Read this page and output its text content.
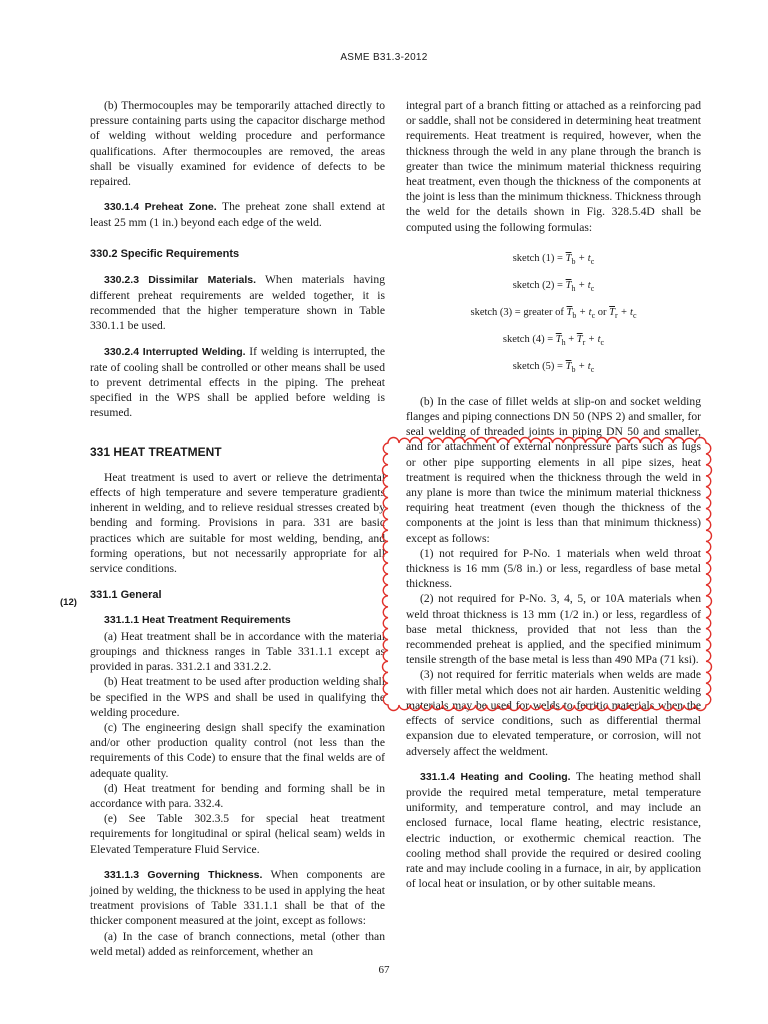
ASME B31.3-2012

(b) Thermocouples may be temporarily attached directly to pressure containing parts using the capacitor discharge method of welding without welding procedure and performance qualifications. After thermocouples are removed, the areas shall be visually examined for evidence of defects to be repaired.

330.1.4 Preheat Zone. The preheat zone shall extend at least 25 mm (1 in.) beyond each edge of the weld.

330.2 Specific Requirements

330.2.3 Dissimilar Materials. When materials having different preheat requirements are welded together, it is recommended that the higher temperature shown in Table 330.1.1 be used.

330.2.4 Interrupted Welding. If welding is interrupted, the rate of cooling shall be controlled or other means shall be used to prevent detrimental effects in the piping. The preheat specified in the WPS shall be applied before welding is resumed.

331 HEAT TREATMENT

Heat treatment is used to avert or relieve the detrimental effects of high temperature and severe temperature gradients inherent in welding, and to relieve residual stresses created by bending and forming. Provisions in para. 331 are basic practices which are suitable for most welding, bending, and forming operations, but not necessarily appropriate for all service conditions.

331.1 General

331.1.1 Heat Treatment Requirements

(a) Heat treatment shall be in accordance with the material groupings and thickness ranges in Table 331.1.1 except as provided in paras. 331.2.1 and 331.2.2.

(b) Heat treatment to be used after production welding shall be specified in the WPS and shall be used in qualifying the welding procedure.

(c) The engineering design shall specify the examination and/or other production quality control (not less than the requirements of this Code) to ensure that the final welds are of adequate quality.

(d) Heat treatment for bending and forming shall be in accordance with para. 332.4.

(e) See Table 302.3.5 for special heat treatment requirements for longitudinal or spiral (helical seam) welds in Elevated Temperature Fluid Service.

331.1.3 Governing Thickness. When components are joined by welding, the thickness to be used in applying the heat treatment provisions of Table 331.1.1 shall be that of the thicker component measured at the joint, except as follows:

(a) In the case of branch connections, metal (other than weld metal) added as reinforcement, whether an

(12)

integral part of a branch fitting or attached as a reinforcing pad or saddle, shall not be considered in determining heat treatment requirements. Heat treatment is required, however, when the thickness through the weld in any plane through the branch is greater than twice the minimum material thickness requiring heat treatment, even though the thickness of the components at the joint is less than the minimum thickness. Thickness through the weld for the details shown in Fig. 328.5.4D shall be computed using the following formulas:

sketch $(1) = \overline{T}_b + t_c$

sketch $(2) = \overline{T}_h + t_c$

sketch (3) = greater of $\overline{T}_b + t_c$ or $\overline{T}_r + t_c$

sketch $(4) = \overline{T}_h + \overline{T}_r + t_c$

sketch $(5) = \overline{T}_b + t_c$

(b) In the case of fillet welds at slip-on and socket welding flanges and piping connections DN 50 (NPS 2) and smaller, for seal welding of threaded joints in piping DN 50 and smaller, and for attachment of external nonpressure parts such as lugs or other pipe supporting elements in all pipe sizes, heat treatment is required when the thickness through the weld in any plane is more than twice the minimum material thickness requiring heat treatment (even though the thickness of the components at the joint is less than that minimum thickness) except as follows:

(1) not required for P-No. 1 materials when weld throat thickness is 16 mm (5/8 in.) or less, regardless of base metal thickness.

(2) not required for P-No. 3, 4, 5, or 10A materials when weld throat thickness is 13 mm (1/2 in.) or less, regardless of base metal thickness, provided that not less than the recommended preheat is applied, and the specified minimum tensile strength of the base metal is less than 490 MPa (71 ksi).

(3) not required for ferritic materials when welds are made with filler metal which does not air harden. Austenitic welding materials may be used for welds to ferritic materials when the effects of service conditions, such as differential thermal expansion due to elevated temperature, or corrosion, will not adversely affect the weldment.

331.1.4 Heating and Cooling. The heating method shall provide the required metal temperature, metal temperature uniformity, and temperature control, and may include an enclosed furnace, local flame heating, electric resistance, electric induction, or exothermic chemical reaction. The cooling method shall provide the required or desired cooling rate and may include cooling in a furnace, in air, by application of local heat or insulation, or by other suitable means.

67
